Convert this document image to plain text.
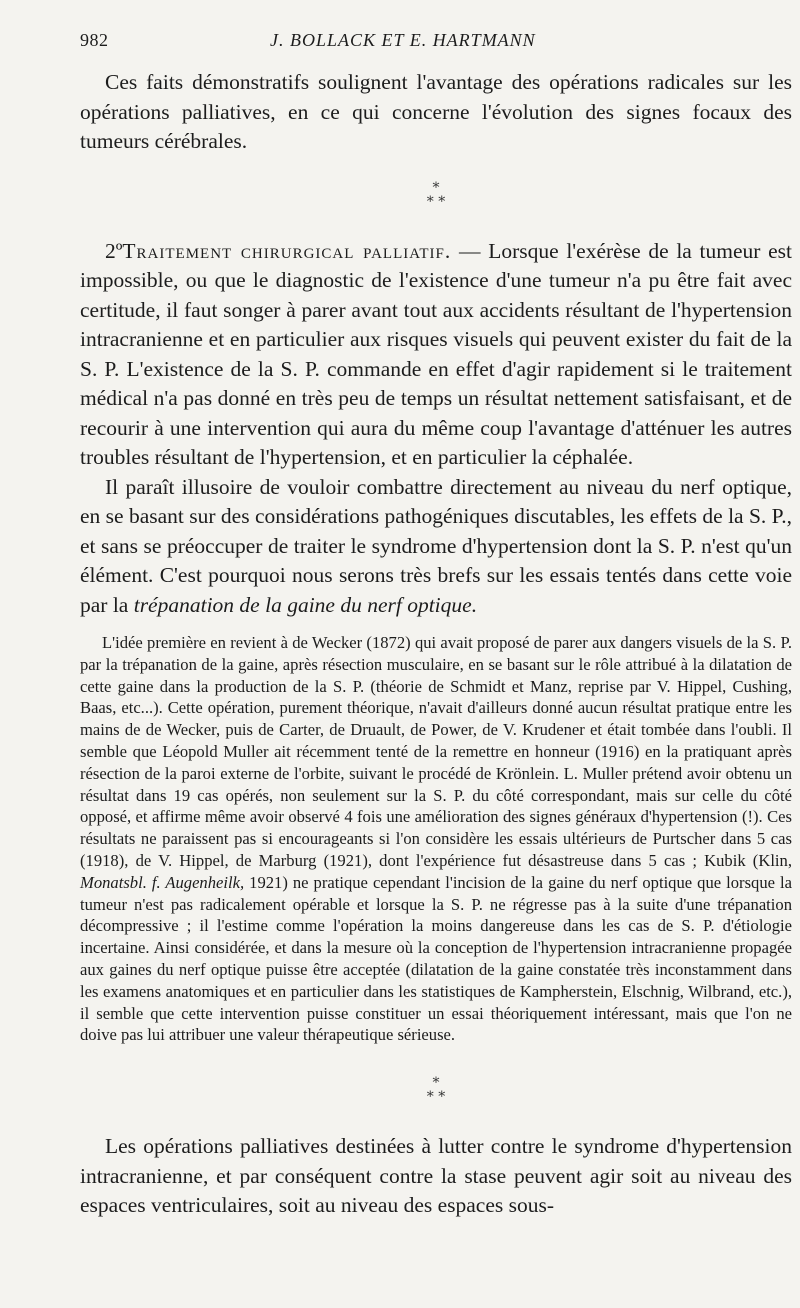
982	J. BOLLACK ET E. HARTMANN

Ces faits démonstratifs soulignent l'avantage des opérations radicales sur les opérations palliatives, en ce qui concerne l'évolution des signes focaux des tumeurs cérébrales.

*
* *

2ºTraitement chirurgical palliatif. — Lorsque l'exérèse de la tumeur est impossible, ou que le diagnostic de l'existence d'une tumeur n'a pu être fait avec certitude, il faut songer à parer avant tout aux accidents résultant de l'hypertension intracranienne et en particulier aux risques visuels qui peuvent exister du fait de la S. P. L'existence de la S. P. commande en effet d'agir rapidement si le traitement médical n'a pas donné en très peu de temps un résultat nettement satisfaisant, et de recourir à une intervention qui aura du même coup l'avantage d'atténuer les autres troubles résultant de l'hypertension, et en particulier la céphalée.

Il paraît illusoire de vouloir combattre directement au niveau du nerf optique, en se basant sur des considérations pathogéniques discutables, les effets de la S. P., et sans se préoccuper de traiter le syndrome d'hypertension dont la S. P. n'est qu'un élément. C'est pourquoi nous serons très brefs sur les essais tentés dans cette voie par la trépanation de la gaine du nerf optique.

L'idée première en revient à de Wecker (1872) qui avait proposé de parer aux dangers visuels de la S. P. par la trépanation de la gaine, après résection musculaire, en se basant sur le rôle attribué à la dilatation de cette gaine dans la production de la S. P. (théorie de Schmidt et Manz, reprise par V. Hippel, Cushing, Baas, etc...). Cette opération, purement théorique, n'avait d'ailleurs donné aucun résultat pratique entre les mains de de Wecker, puis de Carter, de Druault, de Power, de V. Krudener et était tombée dans l'oubli. Il semble que Léopold Muller ait récemment tenté de la remettre en honneur (1916) en la pratiquant après résection de la paroi externe de l'orbite, suivant le procédé de Krönlein. L. Muller prétend avoir obtenu un résultat dans 19 cas opérés, non seulement sur la S. P. du côté correspondant, mais sur celle du côté opposé, et affirme même avoir observé 4 fois une amélioration des signes généraux d'hypertension (!). Ces résultats ne paraissent pas si encourageants si l'on considère les essais ultérieurs de Purtscher dans 5 cas (1918), de V. Hippel, de Marburg (1921), dont l'expérience fut désastreuse dans 5 cas ; Kubik (Klin, Monatsbl. f. Augenheilk, 1921) ne pratique cependant l'incision de la gaine du nerf optique que lorsque la tumeur n'est pas radicalement opérable et lorsque la S. P. ne régresse pas à la suite d'une trépanation décompressive ; il l'estime comme l'opération la moins dangereuse dans les cas de S. P. d'étiologie incertaine. Ainsi considérée, et dans la mesure où la conception de l'hypertension intracranienne propagée aux gaines du nerf optique puisse être acceptée (dilatation de la gaine constatée très inconstamment dans les examens anatomiques et en particulier dans les statistiques de Kampherstein, Elschnig, Wilbrand, etc.), il semble que cette intervention puisse constituer un essai théoriquement intéressant, mais que l'on ne doive pas lui attribuer une valeur thérapeutique sérieuse.

*
* *

Les opérations palliatives destinées à lutter contre le syndrome d'hypertension intracranienne, et par conséquent contre la stase peuvent agir soit au niveau des espaces ventriculaires, soit au niveau des espaces sous-
